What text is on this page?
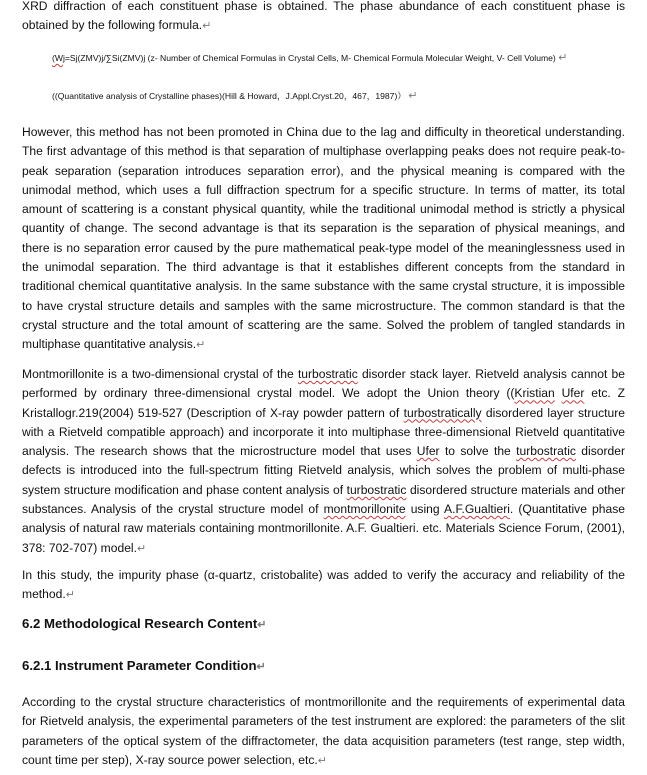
XRD diffraction of each constituent phase is obtained. The phase abundance of each constituent phase is obtained by the following formula.↵

(Wj=Sj(ZMV)j/∑Si(ZMV)j (z- Number of Chemical Formulas in Crystal Cells, M- Chemical Formula Molecular Weight, V- Cell Volume) ↵
((Quantitative analysis of Crystalline phases)(Hill & Howard，J.Appl.Cryst.20，467，1987)） ↵

However, this method has not been promoted in China due to the lag and difficulty in theoretical understanding. The first advantage of this method is that separation of multiphase overlapping peaks does not require peak-to-peak separation (separation introduces separation error), and the physical meaning is compared with the unimodal method, which uses a full diffraction spectrum for a specific structure. In terms of matter, its total amount of scattering is a constant physical quantity, while the traditional unimodal method is strictly a physical quantity of change. The second advantage is that its separation is the separation of physical meanings, and there is no separation error caused by the pure mathematical peak-type model of the meaninglessness used in the unimodal separation. The third advantage is that it establishes different concepts from the standard in traditional chemical quantitative analysis. In the same substance with the same crystal structure, it is impossible to have crystal structure details and samples with the same microstructure. The common standard is that the crystal structure and the total amount of scattering are the same. Solved the problem of tangled standards in multiphase quantitative analysis.↵

Montmorillonite is a two-dimensional crystal of the turbostratic disorder stack layer. Rietveld analysis cannot be performed by ordinary three-dimensional crystal model. We adopt the Union theory ((Kristian Ufer etc. Z Kristallogr.219(2004) 519-527 (Description of X-ray powder pattern of turbostratically disordered layer structure with a Rietveld compatible approach) and incorporate it into multiphase three-dimensional Rietveld quantitative analysis. The research shows that the microstructure model that uses Ufer to solve the turbostratic disorder defects is introduced into the full-spectrum fitting Rietveld analysis, which solves the problem of multi-phase system structure modification and phase content analysis of turbostratic disordered structure materials and other substances. Analysis of the crystal structure model of montmorillonite using A.F.Gualtieri. (Quantitative phase analysis of natural raw materials containing montmorillonite. A.F. Gualtieri. etc. Materials Science Forum, (2001), 378: 702-707) model.↵

In this study, the impurity phase (α-quartz, cristobalite) was added to verify the accuracy and reliability of the method.↵

6.2 Methodological Research Content↵

6.2.1 Instrument Parameter Condition↵

According to the crystal structure characteristics of montmorillonite and the requirements of experimental data for Rietveld analysis, the experimental parameters of the test instrument are explored: the parameters of the slit parameters of the optical system of the diffractometer, the data acquisition parameters (test range, step width, count time per step), X-ray source power selection, etc.↵
